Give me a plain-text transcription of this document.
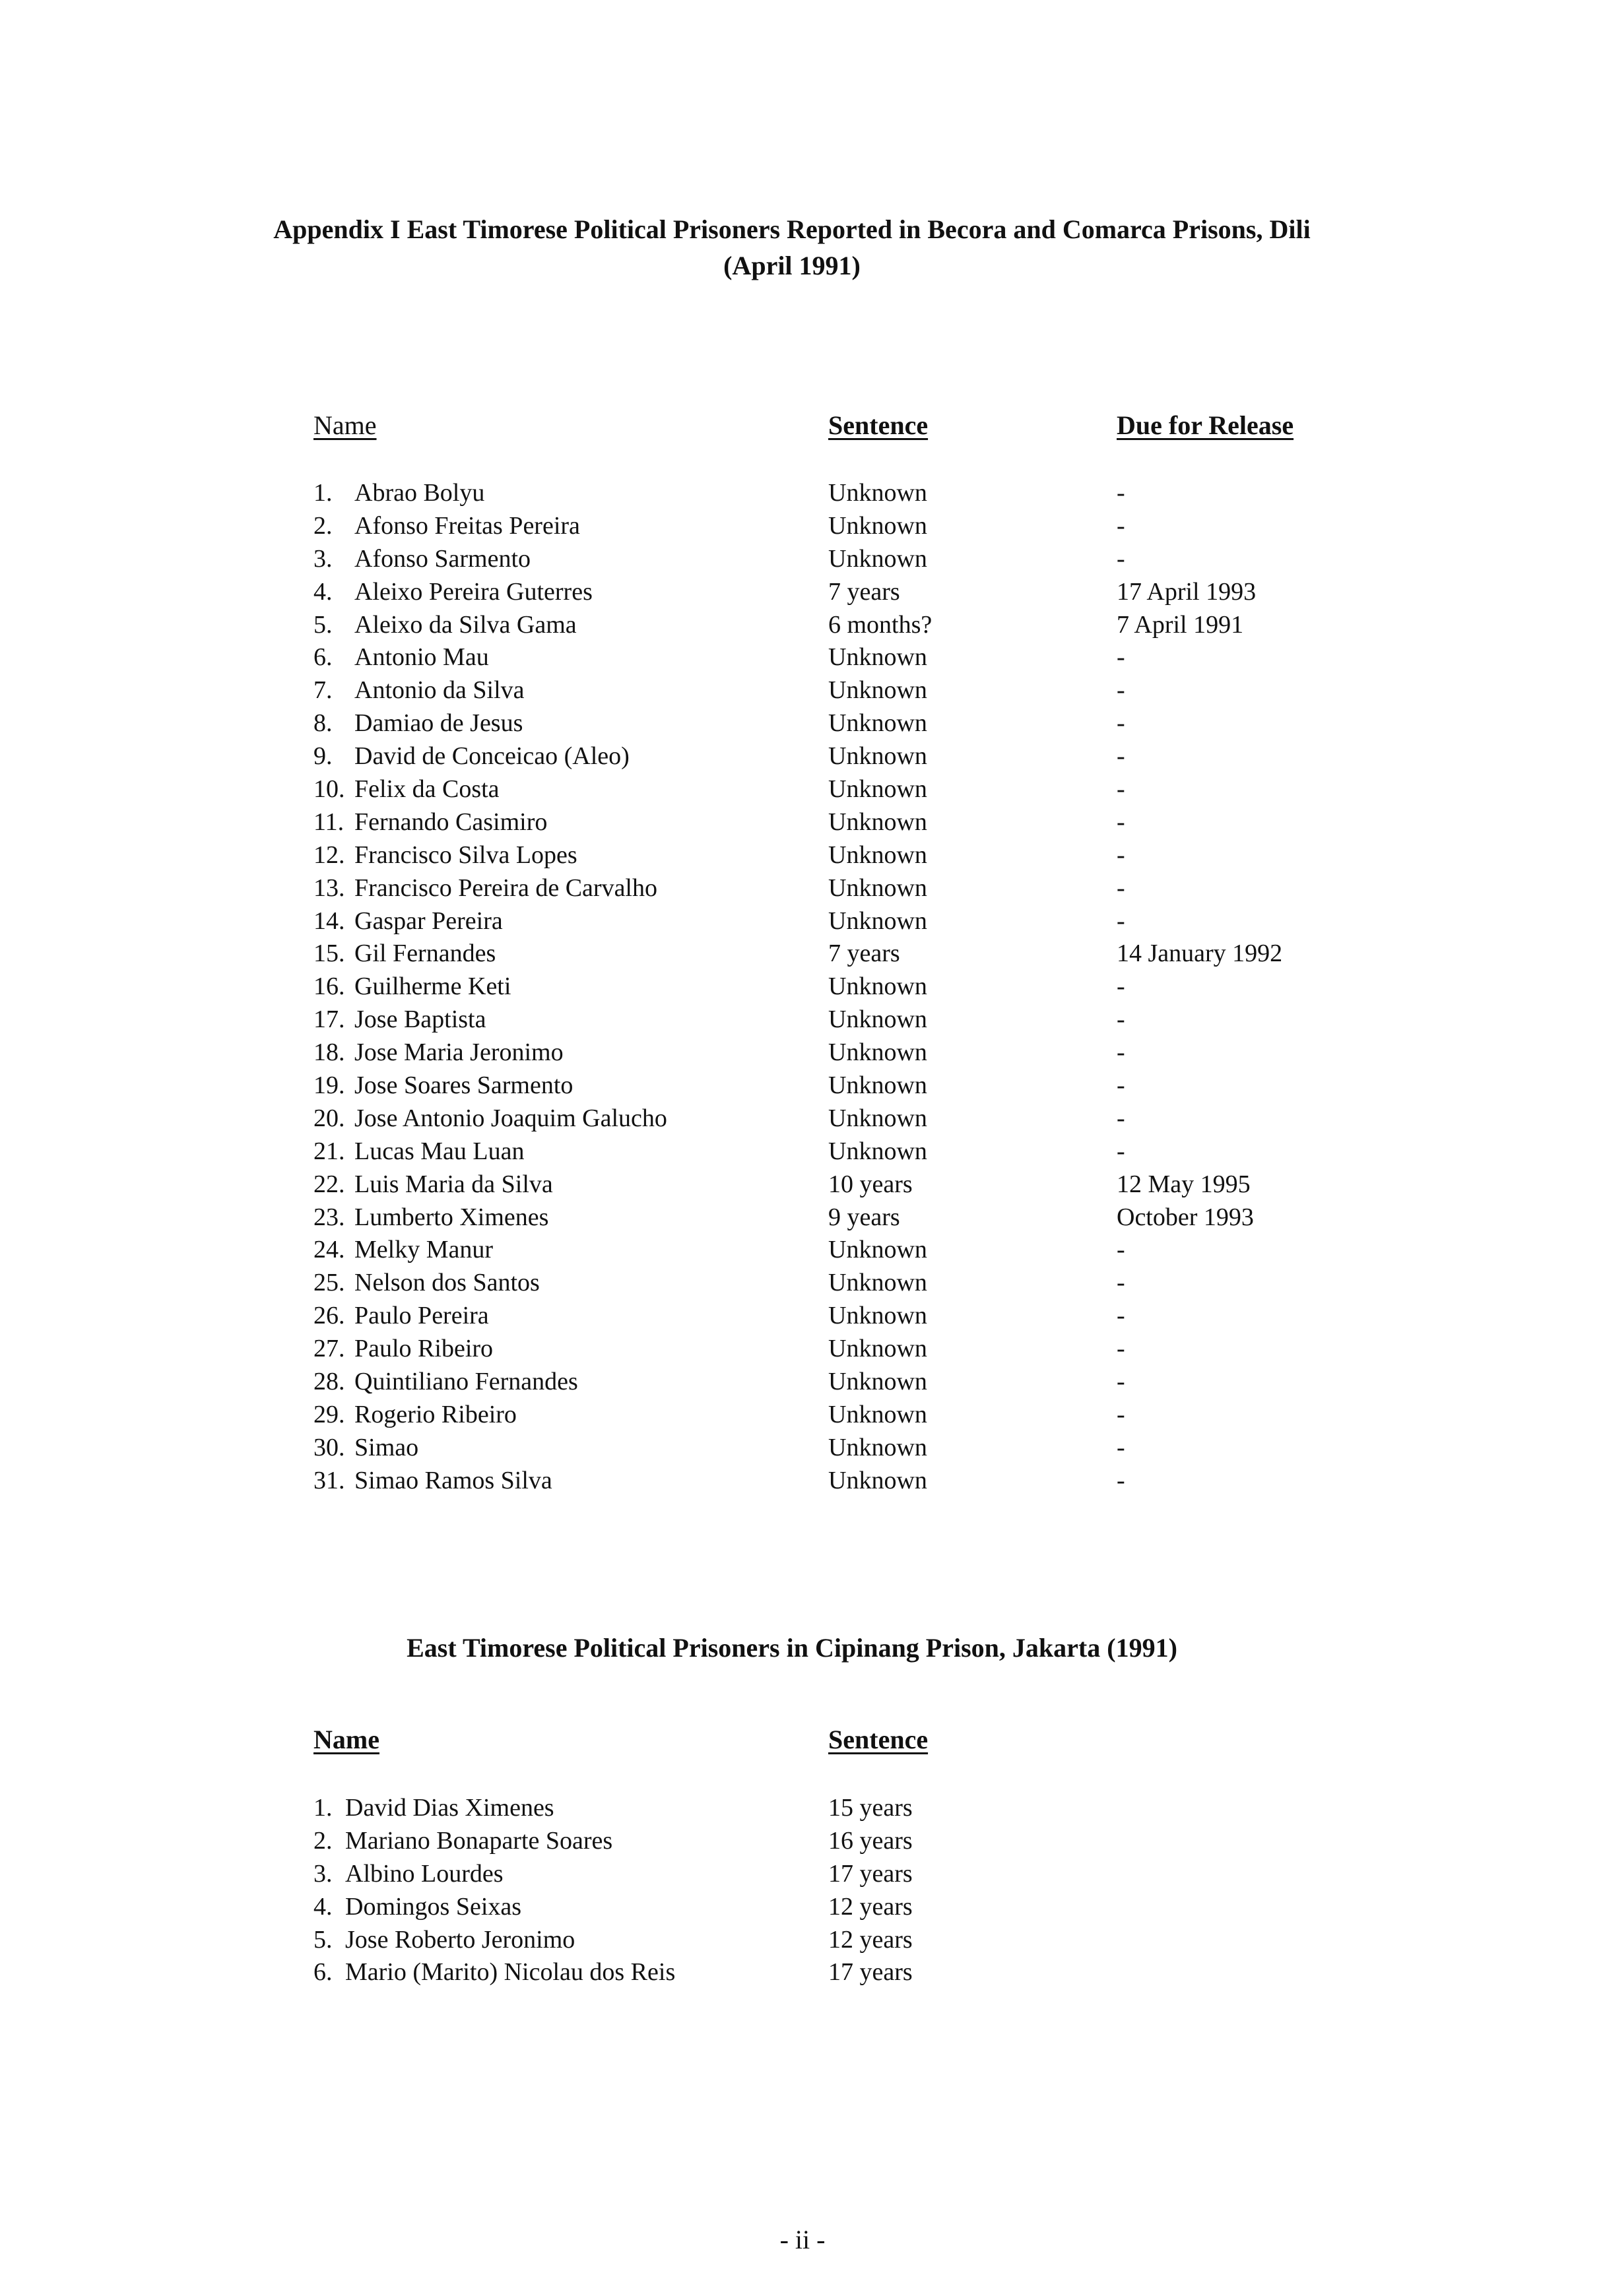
Appendix I East Timorese Political Prisoners Reported in Becora and Comarca Prisons, Dili

(April 1991)

Name	Sentence	Due for Release

1. Abrao Bolyu	Unknown	-
2. Afonso Freitas Pereira	Unknown	-
3. Afonso Sarmento	Unknown	-
4. Aleixo Pereira Guterres	7 years	17 April 1993
5. Aleixo da Silva Gama	6 months?	7 April 1991
6. Antonio Mau	Unknown	-
7. Antonio da Silva	Unknown	-
8. Damiao de Jesus	Unknown	-
9. David de Conceicao (Aleo)	Unknown	-
10. Felix da Costa	Unknown	-
11. Fernando Casimiro	Unknown	-
12. Francisco Silva Lopes	Unknown	-
13. Francisco Pereira de Carvalho	Unknown	-
14. Gaspar Pereira	Unknown	-
15. Gil Fernandes	7 years	14 January 1992
16. Guilherme Keti	Unknown	-
17. Jose Baptista	Unknown	-
18. Jose Maria Jeronimo	Unknown	-
19. Jose Soares Sarmento	Unknown	-
20. Jose Antonio Joaquim Galucho	Unknown	-
21. Lucas Mau Luan	Unknown	-
22. Luis Maria da Silva	10 years	12 May 1995
23. Lumberto Ximenes	9 years	October 1993
24. Melky Manur	Unknown	-
25. Nelson dos Santos	Unknown	-
26. Paulo Pereira	Unknown	-
27. Paulo Ribeiro	Unknown	-
28. Quintiliano Fernandes	Unknown	-
29. Rogerio Ribeiro	Unknown	-
30. Simao	Unknown	-
31. Simao Ramos Silva	Unknown	-

East Timorese Political Prisoners in Cipinang Prison, Jakarta (1991)

Name	Sentence

1. David Dias Ximenes	15 years
2. Mariano Bonaparte Soares	16 years
3. Albino Lourdes	17 years
4. Domingos Seixas	12 years
5. Jose Roberto Jeronimo	12 years
6. Mario (Marito) Nicolau dos Reis	17 years

- ii -
